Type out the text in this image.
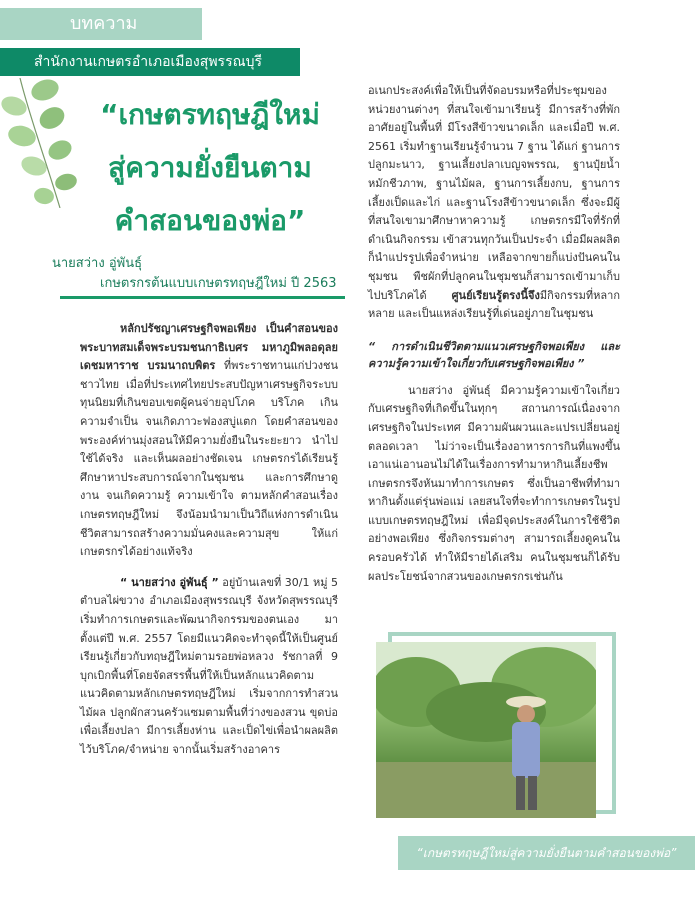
บทความ
สำนักงานเกษตรอำเภอเมืองสุพรรณบุรี
“เกษตรทฤษฎีใหม่
สู่ความยั่งยืนตาม
คำสอนของพ่อ”
นายสว่าง อู่พันธุ์
เกษตรกรต้นแบบเกษตรทฤษฎีใหม่ ปี 2563

หลักปรัชญาเศรษฐกิจพอเพียง เป็นคำสอนของพระบาทสมเด็จพระบรมชนกาธิเบศร มหาภูมิพลอดุลยเดชมหาราช บรมนาถบพิตร ที่พระราชทานแก่ปวงชนชาวไทย เมื่อที่ประเทศไทยประสบปัญหาเศรษฐกิจระบบทุนนิยมที่เกินขอบเขตผู้คนจ่ายอุปโภค บริโภค เกินความจำเป็น จนเกิดภาวะฟองสบู่แตก โดยคำสอนของพระองค์ท่านมุ่งสอนให้มีความยั่งยืนในระยะยาว นำไปใช้ได้จริง และเห็นผลอย่างชัดเจน เกษตรกรได้เรียนรู้ศึกษาหาประสบการณ์จากในชุมชน และการศึกษาดูงาน จนเกิดความรู้ ความเข้าใจ ตามหลักคำสอนเรื่องเกษตรทฤษฎีใหม่ จึงน้อมนำมาเป็นวิถีแห่งการดำเนินชีวิตสามารถสร้างความมั่นคงและความสุข ให้แก่เกษตรกรได้อย่างแท้จริง

“ นายสว่าง อู่พันธุ์ ” อยู่บ้านเลขที่ 30/1 หมู่ 5 ตำบลไผ่ขวาง อำเภอเมืองสุพรรณบุรี จังหวัดสุพรรณบุรี เริ่มทำการเกษตรและพัฒนากิจกรรมของตนเอง มาตั้งแต่ปี พ.ศ. 2557 โดยมีแนวคิดจะทำจุดนี้ให้เป็นศูนย์เรียนรู้เกี่ยวกับทฤษฎีใหม่ตามรอยพ่อหลวง รัชกาลที่ 9 บุกเบิกพื้นที่โดยจัดสรรพื้นที่ให้เป็นหลักแนวคิดตามแนวคิดตามหลักเกษตรทฤษฎีใหม่ เริ่มจากการทำสวนไม้ผล ปลูกผักสวนครัวแซมตามพื้นที่ว่างของสวน ขุดบ่อเพื่อเลี้ยงปลา มีการเลี้ยงห่าน และเป็ดไข่เพื่อนำผลผลิตไว้บริโภค/จำหน่าย จากนั้นเริ่มสร้างอาคาร

อเนกประสงค์เพื่อให้เป็นที่จัดอบรมหรือที่ประชุมของหน่วยงานต่างๆ ที่สนใจเข้ามาเรียนรู้ มีการสร้างที่พักอาศัยอยู่ในพื้นที่ มีโรงสีข้าวขนาดเล็ก และเมื่อปี พ.ศ. 2561 เริ่มทำฐานเรียนรู้จำนวน 7 ฐาน ได้แก่ ฐานการปลูกมะนาว, ฐานเลี้ยงปลาเบญจพรรณ, ฐานปุ๋ยน้ำหมักชีวภาพ, ฐานไม้ผล, ฐานการเลี้ยงกบ, ฐานการเลี้ยงเป็ดและไก่ และฐานโรงสีข้าวขนาดเล็ก ซึ่งจะมีผู้ที่สนใจเขามาศึกษาหาความรู้ เกษตรกรมีใจที่รักที่ดำเนินกิจกรรม เข้าสวนทุกวันเป็นประจำ เมื่อมีผลผลิตก็นำแปรรูปเพื่อจำหน่าย เหลือจากขายก็แบ่งปันคนในชุมชน พืชผักที่ปลูกคนในชุมชนก็สามารถเข้ามาเก็บไปบริโภคได้ ศูนย์เรียนรู้ตรงนี้จึงมีกิจกรรมที่หลากหลาย และเป็นแหล่งเรียนรู้ที่เด่นอยู่ภายในชุมชน

“ การดำเนินชีวิตตามแนวเศรษฐกิจพอเพียง และความรู้ความเข้าใจเกี่ยวกับเศรษฐกิจพอเพียง ”

นายสว่าง อู่พันธุ์ มีความรู้ความเข้าใจเกี่ยวกับเศรษฐกิจที่เกิดขึ้นในทุกๆ สถานการณ์เนื่องจากเศรษฐกิจในประเทศ มีความผันผวนและแปรเปลี่ยนอยู่ตลอดเวลา ไม่ว่าจะเป็นเรื่องอาหารการกินที่แพงขึ้น เอาแน่เอานอนไม่ได้ในเรื่องการทำมาหากินเลี้ยงชีพ เกษตรกรจึงหันมาทำการเกษตร ซึ่งเป็นอาชีพที่ทำมาหากินดั้งแต่รุ่นพ่อแม่ เลยสนใจที่จะทำการเกษตรในรูปแบบเกษตรทฤษฎีใหม่ เพื่อมีจุดประสงค์ในการใช้ชีวิตอย่างพอเพียง ซึ่งกิจกรรมต่างๆ สามารถเลี้ยงดูคนในครอบครัวได้ ทำให้มีรายได้เสริม คนในชุมชนก็ได้รับผลประโยชน์จากสวนของเกษตรกรเช่นกัน

“เกษตรทฤษฎีใหม่สู่ความยั่งยืนตามคำสอนของพ่อ”
